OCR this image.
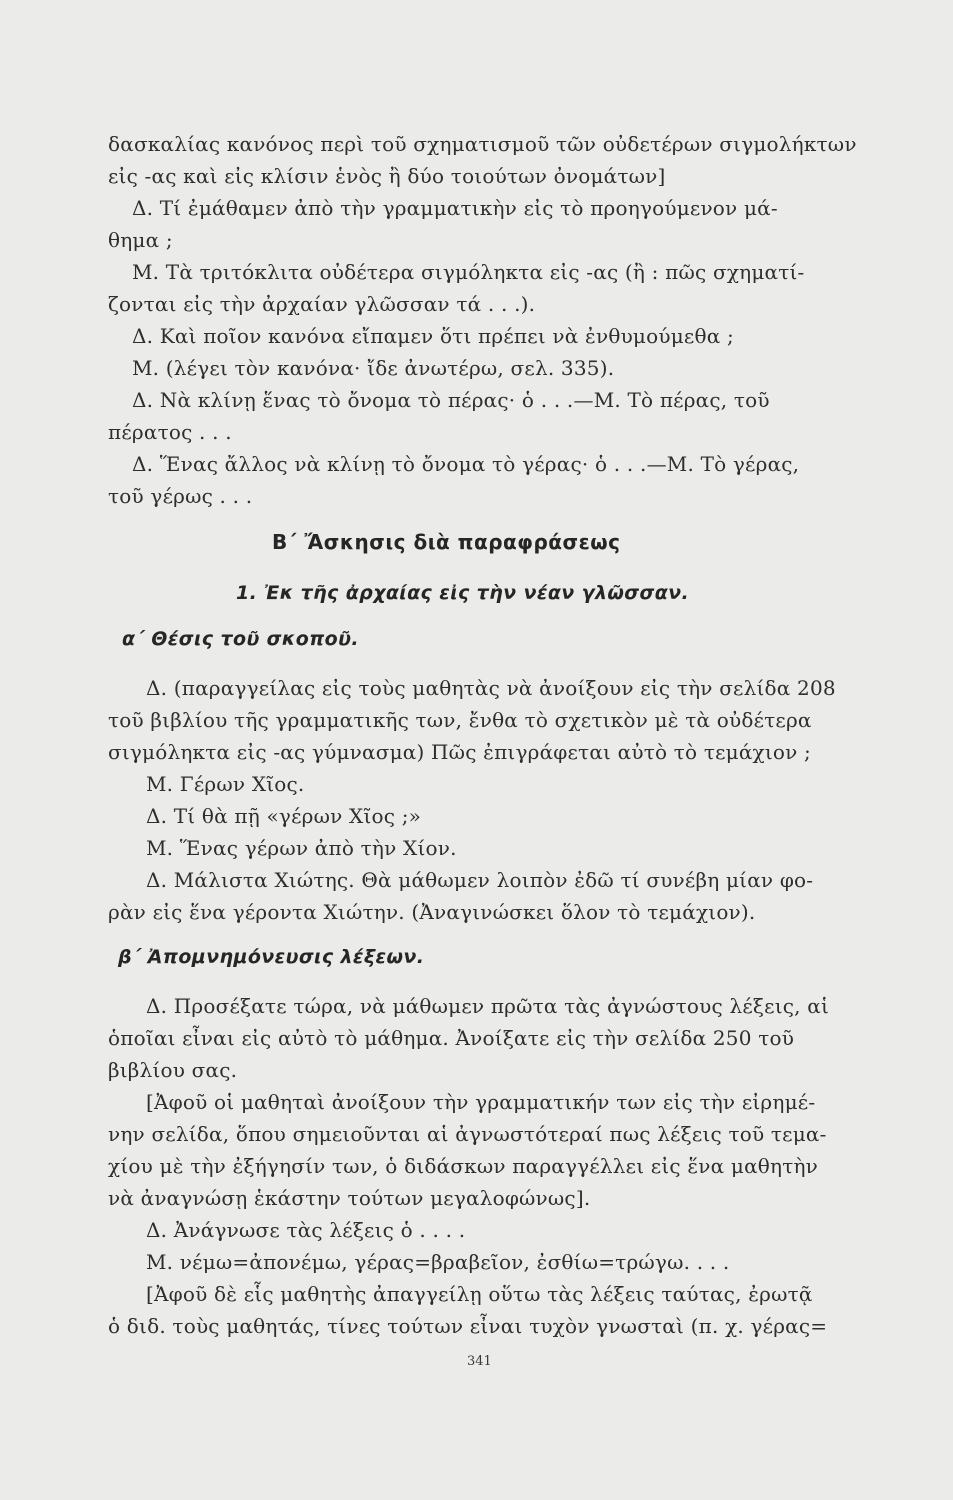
δασκαλίας κανόνος περὶ τοῦ σχηματισμοῦ τῶν οὐδετέρων σιγμολήκτων
εἰς -ας καὶ εἰς κλίσιν ἑνὸς ἢ δύο τοιούτων ὀνομάτων]
Δ. Τί ἐμάθαμεν ἀπὸ τὴν γραμματικὴν εἰς τὸ προηγούμενον μά-
θημα ;
Μ. Τὰ τριτόκλιτα οὐδέτερα σιγμόληκτα εἰς -ας (ἢ : πῶς σχηματί-
ζονται εἰς τὴν ἀρχαίαν γλῶσσαν τά . . .).
Δ. Καὶ ποῖον κανόνα εἴπαμεν ὅτι πρέπει νὰ ἐνθυμούμεθα ;
Μ. (λέγει τὸν κανόνα· ἴδε ἀνωτέρω, σελ. 335).
Δ. Νὰ κλίνῃ ἕνας τὸ ὄνομα τὸ πέρας· ὁ . . .—Μ. Τὸ πέρας, τοῦ
πέρατος . . .
Δ. Ἕνας ἄλλος νὰ κλίνῃ τὸ ὄνομα τὸ γέρας· ὁ . . .—Μ. Τὸ γέρας,
τοῦ γέρως . . .
Β΄ Ἄσκησις διὰ παραφράσεως
1. Ἐκ τῆς ἀρχαίας εἰς τὴν νέαν γλῶσσαν.
α΄ Θέσις τοῦ σκοποῦ.
Δ. (παραγγείλας εἰς τοὺς μαθητὰς νὰ ἀνοίξουν εἰς τὴν σελίδα 208
τοῦ βιβλίου τῆς γραμματικῆς των, ἔνθα τὸ σχετικὸν μὲ τὰ οὐδέτερα
σιγμόληκτα εἰς -ας γύμνασμα) Πῶς ἐπιγράφεται αὐτὸ τὸ τεμάχιον ;
Μ. Γέρων Χῖος.
Δ. Τί θὰ πῇ «γέρων Χῖος ;»
Μ. Ἕνας γέρων ἀπὸ τὴν Χίον.
Δ. Μάλιστα Χιώτης. Θὰ μάθωμεν λοιπὸν ἐδῶ τί συνέβη μίαν φο-
ρὰν εἰς ἕνα γέροντα Χιώτην. (Ἀναγινώσκει ὅλον τὸ τεμάχιον).
β΄ Ἀπομνημόνευσις λέξεων.
Δ. Προσέξατε τώρα, νὰ μάθωμεν πρῶτα τὰς ἀγνώστους λέξεις, αἱ
ὁποῖαι εἶναι εἰς αὐτὸ τὸ μάθημα. Ἀνοίξατε εἰς τὴν σελίδα 250 τοῦ
βιβλίου σας.
[Ἀφοῦ οἱ μαθηταὶ ἀνοίξουν τὴν γραμματικήν των εἰς τὴν εἰρημέ-
νην σελίδα, ὅπου σημειοῦνται αἱ ἀγνωστότεραί πως λέξεις τοῦ τεμα-
χίου μὲ τὴν ἐξήγησίν των, ὁ διδάσκων παραγγέλλει εἰς ἕνα μαθητὴν
νὰ ἀναγνώσῃ ἑκάστην τούτων μεγαλοφώνως].
Δ. Ἀνάγνωσε τὰς λέξεις ὁ . . . .
Μ. νέμω=ἀπονέμω, γέρας=βραβεῖον, ἐσθίω=τρώγω. . . .
[Ἀφοῦ δὲ εἷς μαθητὴς ἀπαγγείλῃ οὕτω τὰς λέξεις ταύτας, ἐρωτᾷ
ὁ διδ. τοὺς μαθητάς, τίνες τούτων εἶναι τυχὸν γνωσταὶ (π. χ. γέρας=
341
